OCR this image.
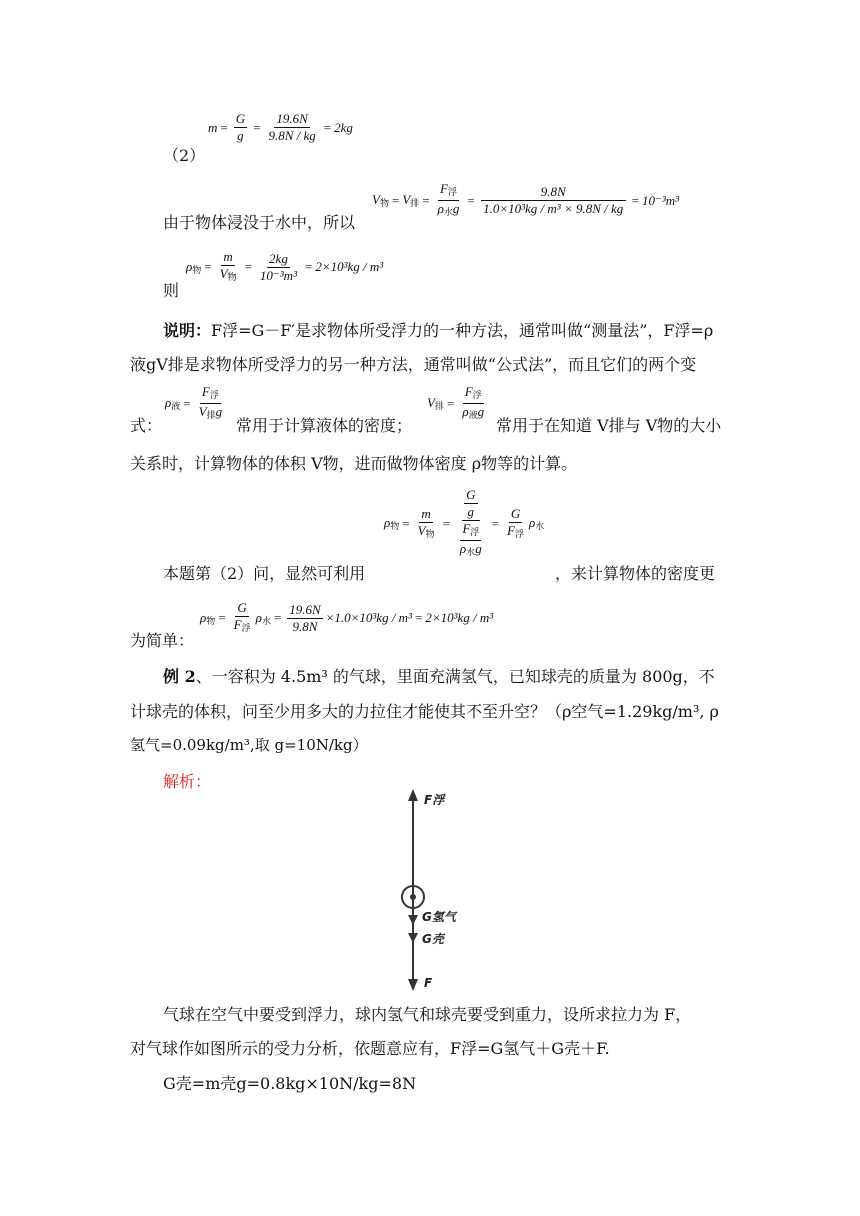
$m = \frac{G}{g} = \frac{19.6N}{9.8N / kg} = 2kg$
（2）
$V_物 = V_排 = \frac{F_浮}{\rho_水g} = \frac{9.8N}{\text{1.0×10³kg / m³ × 9.8N / kg}} = 10^{-3}m^3$
由于物体浸没于水中，所以
$\rho_物 = \frac{m}{V_物} = \frac{2kg}{\text{10⁻³m³}} = 2\times 10^3kg / m^3$
则
说明：F浮=G－F′是求物体所受浮力的一种方法，通常叫做“测量法”，F浮=ρ
液gV排是求物体所受浮力的另一种方法，通常叫做“公式法”，而且它们的两个变
式：
$\rho_液 = \frac{F_浮}{V_排g}$
常用于计算液体的密度；
$V_排 = \frac{F_浮}{\rho_液g}$
常用于在知道 V排与 V物的大小
关系时，计算物体的体积 V物，进而做物体密度 ρ物等的计算。
$\rho_物 = \frac{m}{V_物} = \frac{\frac{G}{g}}{\frac{F_浮}{\rho_水g}} = \frac{G}{F_浮} \rho_水$
本题第（2）问，显然可利用	，来计算物体的密度更
$\rho_物 = \frac{G}{F_浮} \rho_水 = \frac{19.6N}{9.8N} \times 1.0\times 10^3kg / m^3 = 2\times 10^3kg / m^3$
为简单：
例 2、一容积为 4.5m³ 的气球，里面充满氢气，已知球壳的质量为 800g，不
计球壳的体积，问至少用多大的力拉住才能使其不至升空？（ρ空气=1.29kg/m³, ρ
氢气=0.09kg/m³,取 g=10N/kg）
解析：
F浮
G氢气
G壳
F
气球在空气中要受到浮力，球内氢气和球壳要受到重力，设所求拉力为 F，
对气球作如图所示的受力分析，依题意应有，F浮=G氢气＋G壳＋F.
G壳=m壳g=0.8kg×10N/kg=8N
